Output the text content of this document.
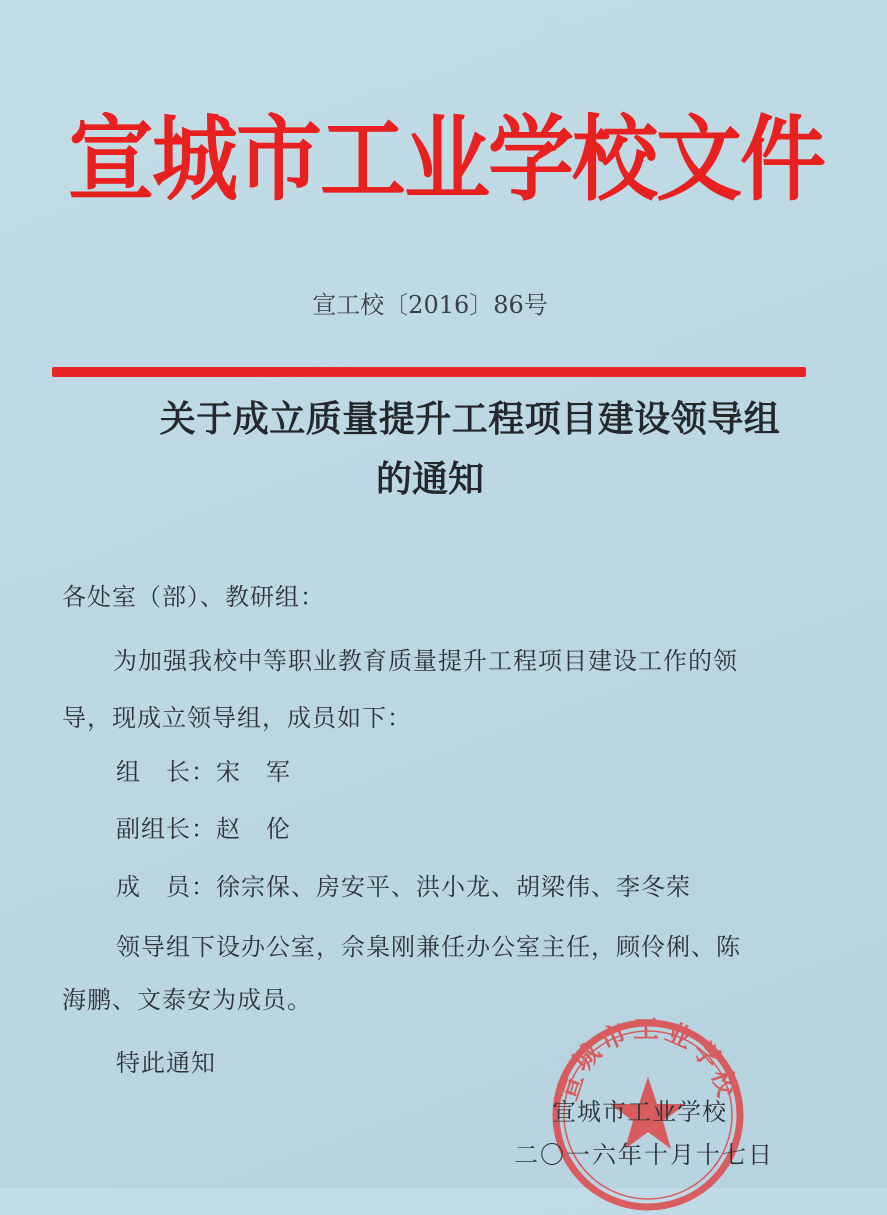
宣城市工业学校文件
宣工校〔2016〕86号
关于成立质量提升工程项目建设领导组
的通知
各处室（部）、教研组：
为加强我校中等职业教育质量提升工程项目建设工作的领
导，现成立领导组，成员如下：
组　长：宋　军
副组长：赵　伦
成　员：徐宗保、房安平、洪小龙、胡梁伟、李冬荣
领导组下设办公室，佘臬刚兼任办公室主任，顾伶俐、陈
海鹏、文泰安为成员。
特此通知
宣城市工业学校
宣城市工业学校
二〇一六年十月十七日
